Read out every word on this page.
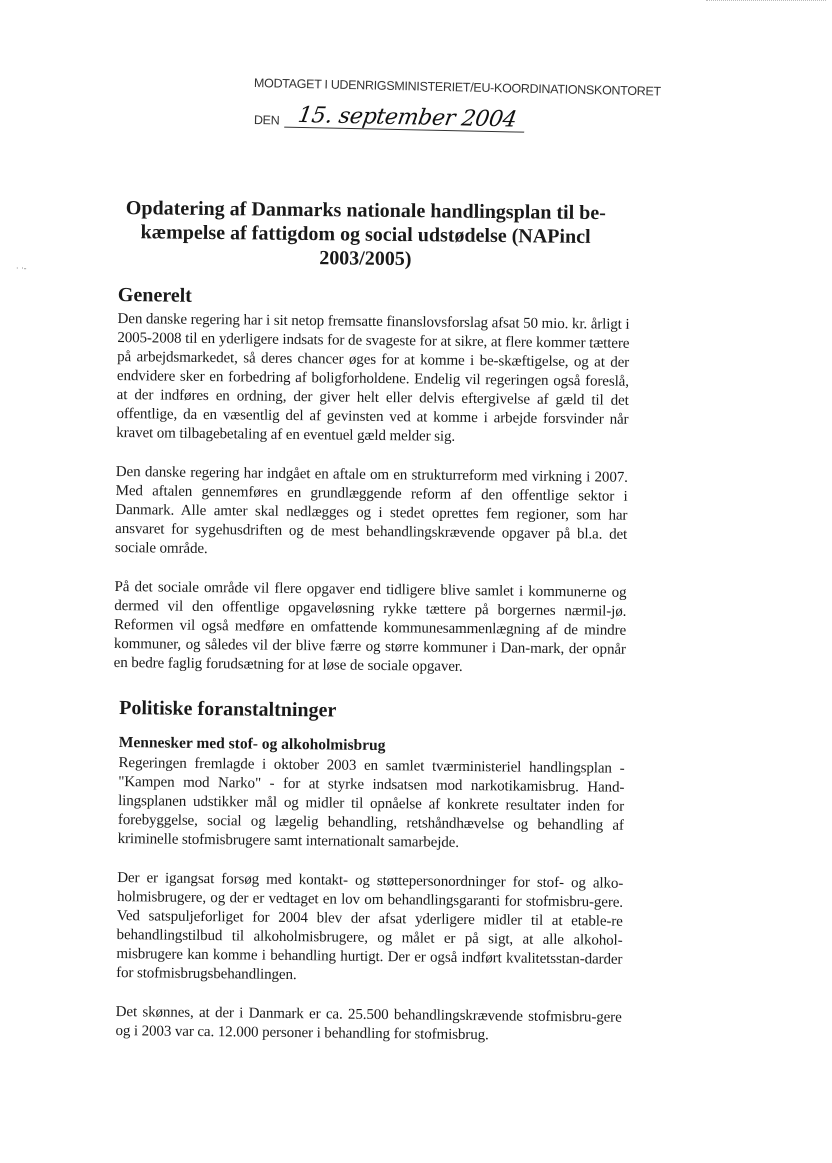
· ·-
MODTAGET I UDENRIGSMINISTERIET/EU-KOORDINATIONSKONTORET
DEN 15. september 2004
Opdatering af Danmarks nationale handlingsplan til be-kæmpelse af fattigdom og social udstødelse (NAPincl 2003/2005)
Generelt

Den danske regering har i sit netop fremsatte finanslovsforslag afsat 50 mio. kr. årligt i 2005-2008 til en yderligere indsats for de svageste for at sikre, at flere kommer tættere på arbejdsmarkedet, så deres chancer øges for at komme i be-skæftigelse, og at der endvidere sker en forbedring af boligforholdene. Endelig vil regeringen også foreslå, at der indføres en ordning, der giver helt eller delvis eftergivelse af gæld til det offentlige, da en væsentlig del af gevinsten ved at komme i arbejde forsvinder når kravet om tilbagebetaling af en eventuel gæld melder sig.

Den danske regering har indgået en aftale om en strukturreform med virkning i 2007. Med aftalen gennemføres en grundlæggende reform af den offentlige sektor i Danmark. Alle amter skal nedlægges og i stedet oprettes fem regioner, som har ansvaret for sygehusdriften og de mest behandlingskrævende opgaver på bl.a. det sociale område.

På det sociale område vil flere opgaver end tidligere blive samlet i kommunerne og dermed vil den offentlige opgaveløsning rykke tættere på borgernes nærmil-jø. Reformen vil også medføre en omfattende kommunesammenlægning af de mindre kommuner, og således vil der blive færre og større kommuner i Dan-mark, der opnår en bedre faglig forudsætning for at løse de sociale opgaver.

Politiske foranstaltninger
Mennesker med stof- og alkoholmisbrug

Regeringen fremlagde i oktober 2003 en samlet tværministeriel handlingsplan - "Kampen mod Narko" - for at styrke indsatsen mod narkotikamisbrug. Hand-lingsplanen udstikker mål og midler til opnåelse af konkrete resultater inden for forebyggelse, social og lægelig behandling, retshåndhævelse og behandling af kriminelle stofmisbrugere samt internationalt samarbejde.

Der er igangsat forsøg med kontakt- og støttepersonordninger for stof- og alko-holmisbrugere, og der er vedtaget en lov om behandlingsgaranti for stofmisbru-gere. Ved satspuljeforliget for 2004 blev der afsat yderligere midler til at etable-re behandlingstilbud til alkoholmisbrugere, og målet er på sigt, at alle alkohol-misbrugere kan komme i behandling hurtigt. Der er også indført kvalitetsstan-darder for stofmisbrugsbehandlingen.

Det skønnes, at der i Danmark er ca. 25.500 behandlingskrævende stofmisbru-gere og i 2003 var ca. 12.000 personer i behandling for stofmisbrug.
